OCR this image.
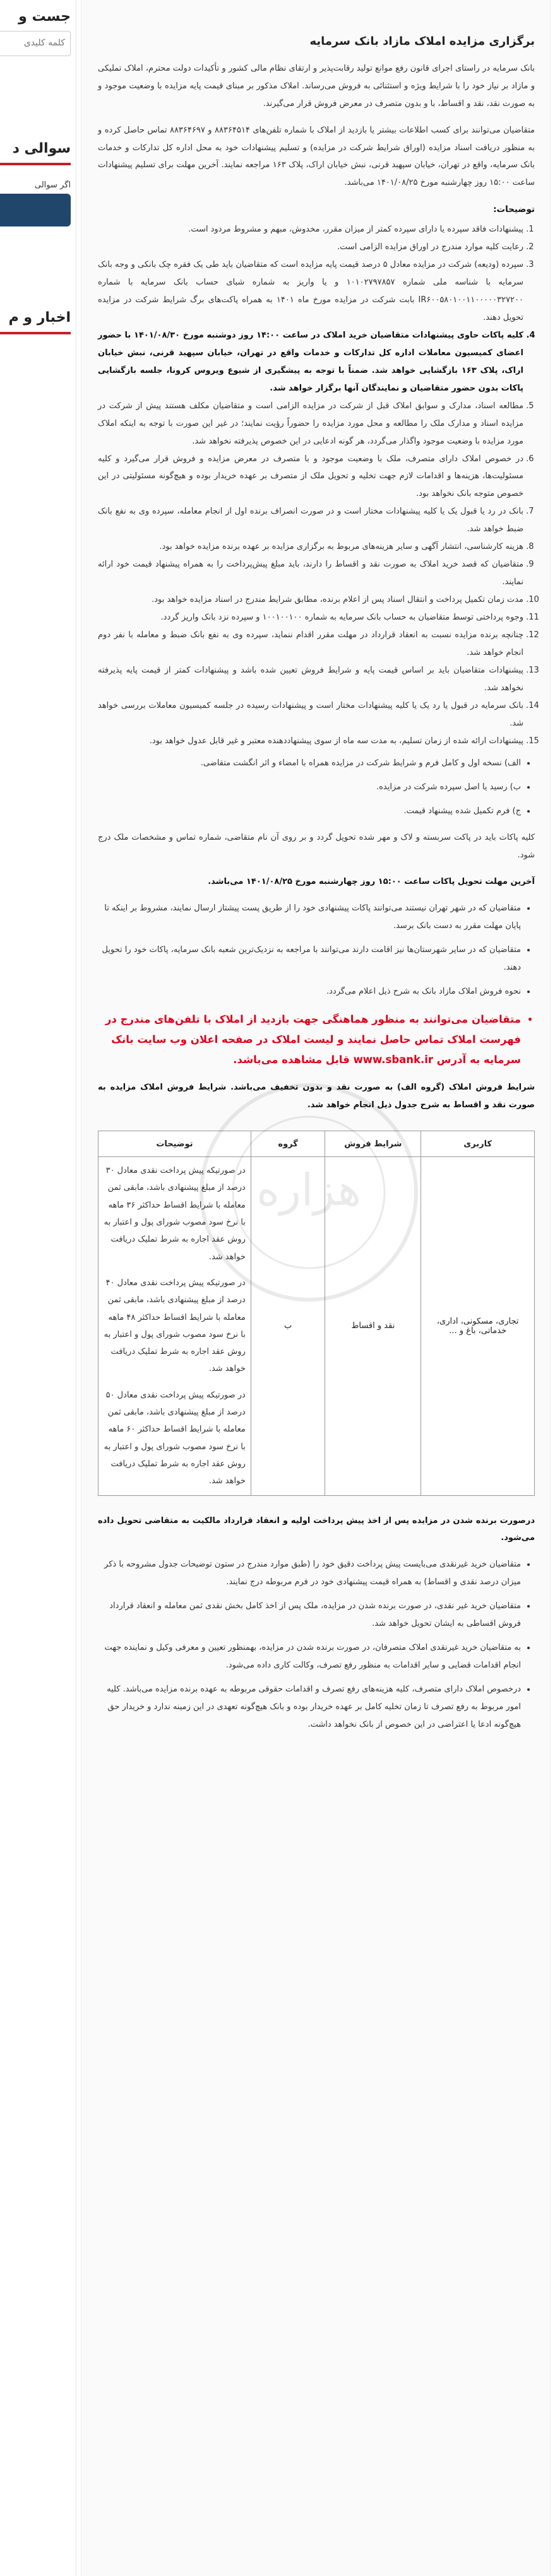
جست و
کلمه کلیدی
سوالی د
اگر سوالی
اخبار و م
برگزاری مزایده املاک مازاد بانک سرمایه

بانک سرمایه در راستای اجرای قانون رفع موانع تولید رقابت‌پذیر و ارتقای نظام مالی کشور و تأکیدات دولت محترم، املاک تملیکی و مازاد بر نیاز خود را با شرایط ویژه و استثنائی به فروش می‌رساند. املاک مذکور بر مبنای قیمت پایه مزایده با وضعیت موجود و به صورت نقد، نقد و اقساط، با و بدون متصرف در معرض فروش قرار می‌گیرند.

متقاضیان می‌توانند برای کسب اطلاعات بیشتر یا بازدید از املاک با شماره تلفن‌های ۸۸۳۶۴۵۱۴ و ۸۸۳۶۴۶۹۷ تماس حاصل کرده و به منظور دریافت اسناد مزایده (اوراق شرایط شرکت در مزایده) و تسلیم پیشنهادات خود به محل اداره کل تدارکات و خدمات بانک سرمایه، واقع در تهران، خیابان سپهبد قرنی، نبش خیابان اراک، پلاک ۱۶۳ مراجعه نمایند. آخرین مهلت برای تسلیم پیشنهادات ساعت ۱۵:۰۰ روز چهارشنبه مورخ ۱۴۰۱/۰۸/۲۵ می‌باشد.

توضیحات:
1. پیشنهادات فاقد سپرده یا دارای سپرده کمتر از میزان مقرر، مخدوش، مبهم و مشروط مردود است.
2. رعایت کلیه موارد مندرج در اوراق مزایده الزامی است.
3. سپرده (ودیعه) شرکت در مزایده معادل ۵ درصد قیمت پایه مزایده است که متقاضیان باید طی یک فقره چک بانکی و وجه بانک سرمایه با شناسه ملی شماره ۱۰۱۰۲۷۹۷۸۵۷ و یا واریز به شماره شبای حساب بانک سرمایه با شماره IR۶۰۰۵۸۰۱۰۰۱۱۰۰۰۰۰۳۲۷۲۰۰ بابت شرکت در مزایده مورخ ماه ۱۴۰۱ به همراه پاکت‌های برگ شرایط شرکت در مزایده تحویل دهند.
4. کلیه پاکات حاوی پیشنهادات متقاضیان خرید املاک در ساعت ۱۴:۰۰ روز دوشنبه مورخ ۱۴۰۱/۰۸/۳۰ با حضور اعضای کمیسیون معاملات اداره کل تدارکات و خدمات واقع در تهران، خیابان سپهبد قرنی، نبش خیابان اراک، پلاک ۱۶۳ بازگشایی خواهد شد. ضمناً با توجه به پیشگیری از شیوع ویروس کرونا، جلسه بازگشایی پاکات بدون حضور متقاضیان و نمایندگان آنها برگزار خواهد شد.
5. مطالعه اسناد، مدارک و سوابق املاک قبل از شرکت در مزایده الزامی است و متقاضیان مکلف هستند پیش از شرکت در مزایده اسناد و مدارک ملک را مطالعه و محل مورد مزایده را حضوراً رؤیت نمایند؛ در غیر این صورت با توجه به اینکه املاک مورد مزایده با وضعیت موجود واگذار می‌گردد، هر گونه ادعایی در این خصوص پذیرفته نخواهد شد.
6. در خصوص املاک دارای متصرف، ملک با وضعیت موجود و با متصرف در معرض مزایده و فروش قرار می‌گیرد و کلیه مسئولیت‌ها، هزینه‌ها و اقدامات لازم جهت تخلیه و تحویل ملک از متصرف بر عهده خریدار بوده و هیچ‌گونه مسئولیتی در این خصوص متوجه بانک نخواهد بود.
7. بانک در رد یا قبول یک یا کلیه پیشنهادات مختار است و در صورت انصراف برنده اول از انجام معامله، سپرده وی به نفع بانک ضبط خواهد شد.
8. هزینه کارشناسی، انتشار آگهی و سایر هزینه‌های مربوط به برگزاری مزایده بر عهده برنده مزایده خواهد بود.
9. متقاضیان که قصد خرید املاک به صورت نقد و اقساط را دارند، باید مبلغ پیش‌پرداخت را به همراه پیشنهاد قیمت خود ارائه نمایند.
10. مدت زمان تکمیل پرداخت و انتقال اسناد پس از اعلام برنده، مطابق شرایط مندرج در اسناد مزایده خواهد بود.
11. وجوه پرداختی توسط متقاضیان به حساب بانک سرمایه به شماره ۱۰۰۱۰۰۱۰۰ و سپرده نزد بانک واریز گردد.
12. چنانچه برنده مزایده نسبت به انعقاد قرارداد در مهلت مقرر اقدام ننماید، سپرده وی به نفع بانک ضبط و معامله با نفر دوم انجام خواهد شد.
13. پیشنهادات متقاضیان باید بر اساس قیمت پایه و شرایط فروش تعیین شده باشد و پیشنهادات کمتر از قیمت پایه پذیرفته نخواهد شد.
14. بانک سرمایه در قبول یا رد یک یا کلیه پیشنهادات مختار است و پیشنهادات رسیده در جلسه کمیسیون معاملات بررسی خواهد شد.
15. پیشنهادات ارائه شده از زمان تسلیم، به مدت سه ماه از سوی پیشنهاددهنده معتبر و غیر قابل عدول خواهد بود.
• الف) نسخه اول و کامل فرم و شرایط شرکت در مزایده همراه با امضاء و اثر انگشت متقاضی.
• ب) رسید یا اصل سپرده شرکت در مزایده.
• ج) فرم تکمیل شده پیشنهاد قیمت.

کلیه پاکات باید در پاکت سربسته و لاک و مهر شده تحویل گردد و بر روی آن نام متقاضی، شماره تماس و مشخصات ملک درج شود.

آخرین مهلت تحویل پاکات ساعت ۱۵:۰۰ روز چهارشنبه مورخ ۱۴۰۱/۰۸/۲۵ می‌باشد.

• متقاضیان که در شهر تهران نیستند می‌توانند پاکات پیشنهادی خود را از طریق پست پیشتاز ارسال نمایند، مشروط بر اینکه تا پایان مهلت مقرر به دست بانک برسد.
• متقاضیان که در سایر شهرستان‌ها نیز اقامت دارند می‌توانند با مراجعه به نزدیک‌ترین شعبه بانک سرمایه، پاکات خود را تحویل دهند.
• نحوه فروش املاک مازاد بانک به شرح ذیل اعلام می‌گردد.
• متقاضیان می‌توانند به منظور هماهنگی جهت بازدید از املاک با تلفن‌های مندرج در فهرست املاک تماس حاصل نمایند و لیست املاک در صفحه اعلان وب سایت بانک سرمایه به آدرس www.sbank.ir قابل مشاهده می‌باشد.

شرایط فروش املاک (گروه الف) به صورت نقد و بدون تخفیف می‌باشد. شرایط فروش املاک مزایده به صورت نقد و اقساط به شرح جدول ذیل انجام خواهد شد.

کاربری	شرایط فروش	گروه	توضیحات
تجاری، مسکونی، اداری، خدماتی، باغ و ...	نقد و اقساط	ب	در صورتیکه پیش پرداخت نقدی معادل ۳۰ درصد از مبلغ پیشنهادی باشد، مابقی ثمن معامله با شرایط اقساط حداکثر ۳۶ ماهه با نرخ سود مصوب شورای پول و اعتبار به روش عقد اجاره به شرط تملیک دریافت خواهد شد.
در صورتیکه پیش پرداخت نقدی معادل ۴۰ درصد از مبلغ پیشنهادی باشد، مابقی ثمن معامله با شرایط اقساط حداکثر ۴۸ ماهه با نرخ سود مصوب شورای پول و اعتبار به روش عقد اجاره به شرط تملیک دریافت خواهد شد.
در صورتیکه پیش پرداخت نقدی معادل ۵۰ درصد از مبلغ پیشنهادی باشد، مابقی ثمن معامله با شرایط اقساط حداکثر ۶۰ ماهه با نرخ سود مصوب شورای پول و اعتبار به روش عقد اجاره به شرط تملیک دریافت خواهد شد.

درصورت برنده شدن در مزایده پس از اخذ پیش پرداخت اولیه و انعقاد قرارداد مالکیت به متقاضی تحویل داده می‌شود.

• متقاضیان خرید غیرنقدی می‌بایست پیش پرداخت دقیق خود را (طبق موارد مندرج در ستون توضیحات جدول مشروحه با ذکر میزان درصد نقدی و اقساط) به همراه قیمت پیشنهادی خود در فرم مربوطه درج نمایند.
• متقاضیان خرید غیر نقدی، در صورت برنده شدن در مزایده، ملک پس از اخذ کامل بخش نقدی ثمن معامله و انعقاد قرارداد فروش اقساطی به ایشان تحویل خواهد شد.
• به متقاضیان خرید غیرنقدی املاک متصرفان، در صورت برنده شدن در مزایده، بهمنظور تعیین و معرفی وکیل و نماینده جهت انجام اقدامات قضایی و سایر اقدامات به منظور رفع تصرف، وکالت کاری داده می‌شود.
• درخصوص املاک دارای متصرف، کلیه هزینه‌های رفع تصرف و اقدامات حقوقی مربوطه به عهده برنده مزایده می‌باشد. کلیه امور مربوط به رفع تصرف تا زمان تخلیه کامل بر عهده خریدار بوده و بانک هیچ‌گونه تعهدی در این زمینه ندارد و خریدار حق هیچ‌گونه ادعا یا اعتراضی در این خصوص از بانک نخواهد داشت.
